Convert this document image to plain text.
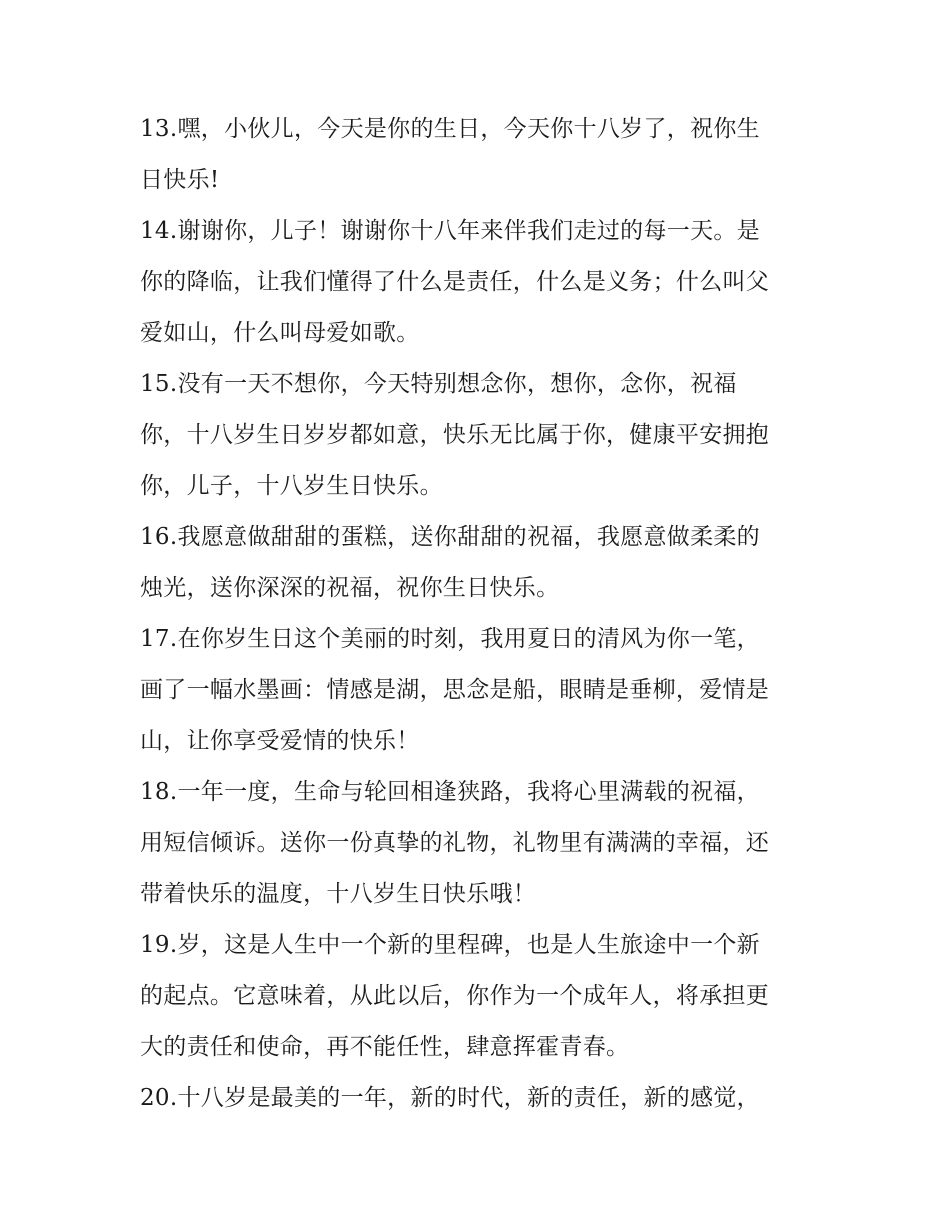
13.嘿，小伙儿，今天是你的生日，今天你十八岁了，祝你生

日快乐!

14.谢谢你，儿子！谢谢你十八年来伴我们走过的每一天。是

你的降临，让我们懂得了什么是责任，什么是义务；什么叫父

爱如山，什么叫母爱如歌。

15.没有一天不想你，今天特别想念你，想你，念你，祝福

你，十八岁生日岁岁都如意，快乐无比属于你，健康平安拥抱

你，儿子，十八岁生日快乐。

16.我愿意做甜甜的蛋糕，送你甜甜的祝福，我愿意做柔柔的

烛光，送你深深的祝福，祝你生日快乐。

17.在你岁生日这个美丽的时刻，我用夏日的清风为你一笔，

画了一幅水墨画：情感是湖，思念是船，眼睛是垂柳，爱情是

山，让你享受爱情的快乐！

18.一年一度，生命与轮回相逢狭路，我将心里满载的祝福，

用短信倾诉。送你一份真挚的礼物，礼物里有满满的幸福，还

带着快乐的温度，十八岁生日快乐哦！

19.岁，这是人生中一个新的里程碑，也是人生旅途中一个新

的起点。它意味着，从此以后，你作为一个成年人，将承担更

大的责任和使命，再不能任性，肆意挥霍青春。

20.十八岁是最美的一年，新的时代，新的责任，新的感觉，
